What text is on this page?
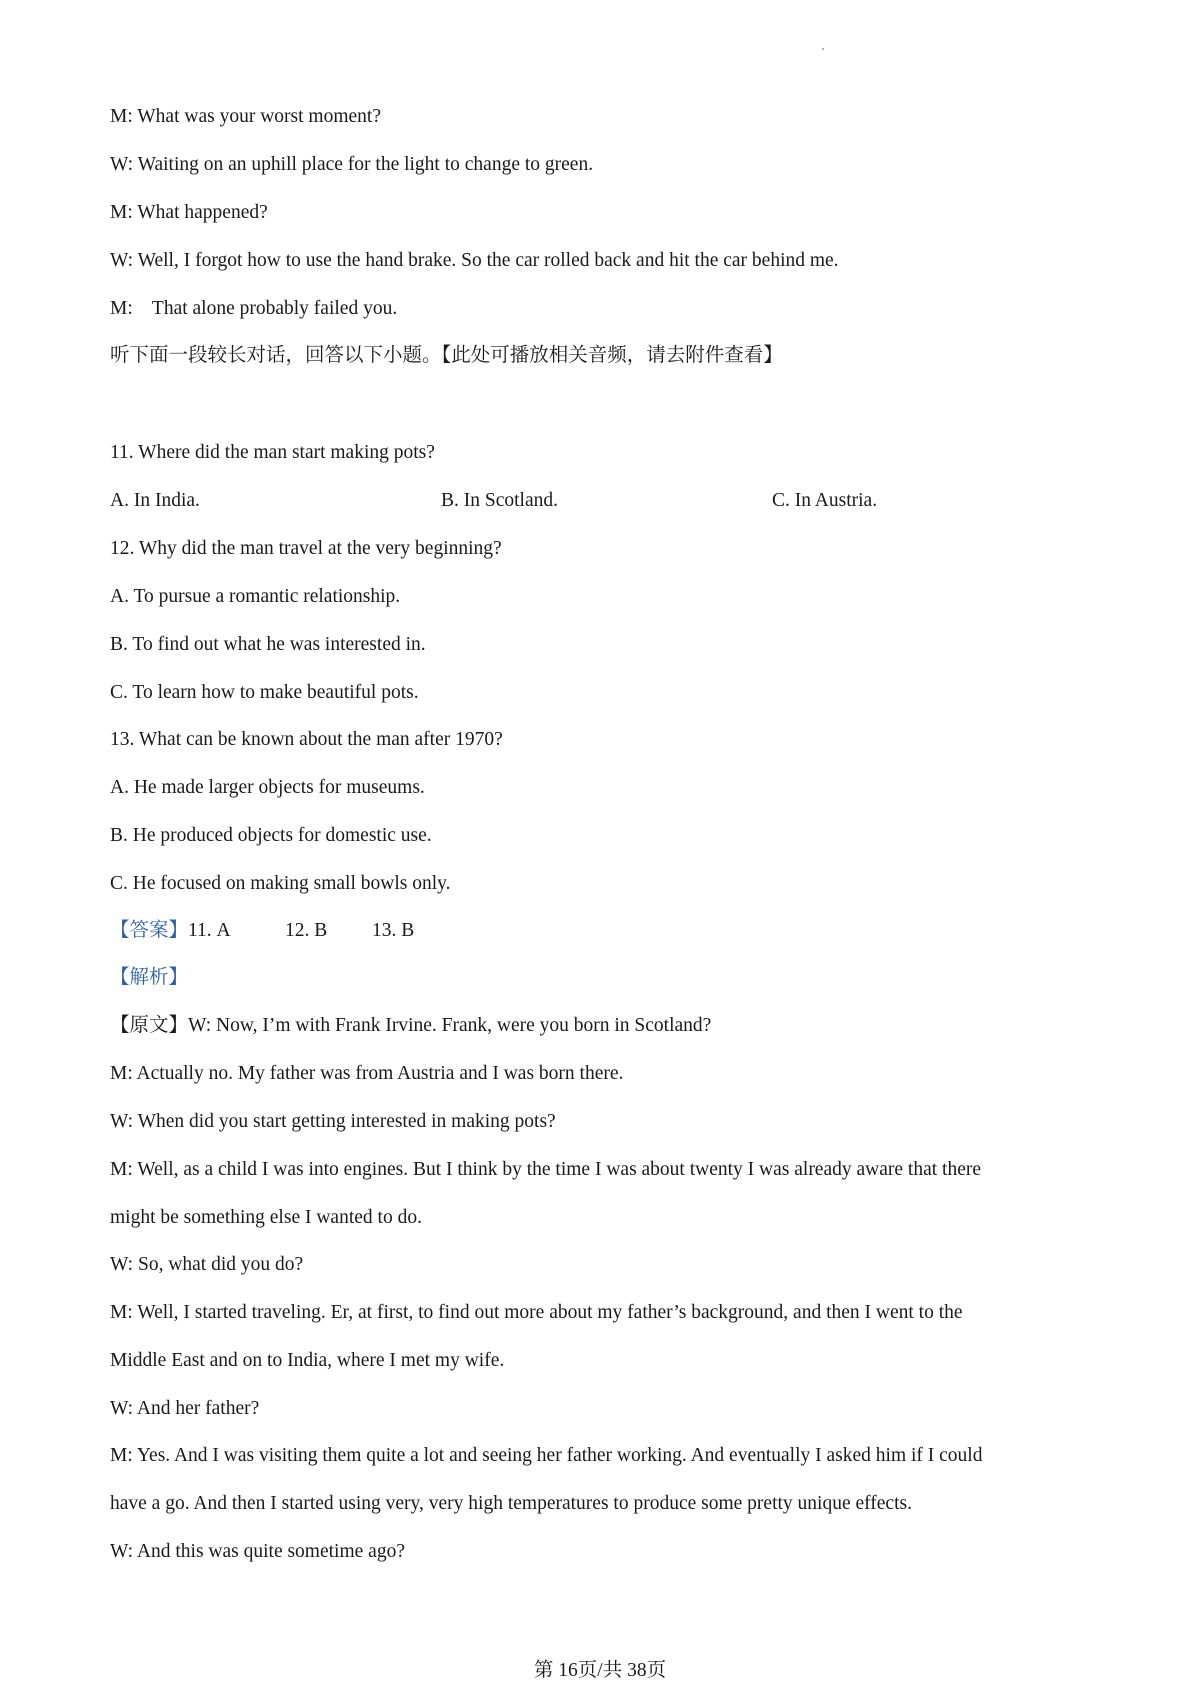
M: What was your worst moment?
W: Waiting on an uphill place for the light to change to green.
M: What happened?
W: Well, I forgot how to use the hand brake. So the car rolled back and hit the car behind me.
M:    That alone probably failed you.
听下面一段较长对话，回答以下小题。【此处可播放相关音频，请去附件查看】
11. Where did the man start making pots?
A. In India.	B. In Scotland.	C. In Austria.
12. Why did the man travel at the very beginning?
A. To pursue a romantic relationship.
B. To find out what he was interested in.
C. To learn how to make beautiful pots.
13. What can be known about the man after 1970?
A. He made larger objects for museums.
B. He produced objects for domestic use.
C. He focused on making small bowls only.
【答案】11. A	12. B 13. B
【解析】
【原文】W: Now, I’m with Frank Irvine. Frank, were you born in Scotland?
M: Actually no. My father was from Austria and I was born there.
W: When did you start getting interested in making pots?
M: Well, as a child I was into engines. But I think by the time I was about twenty I was already aware that there
might be something else I wanted to do.
W: So, what did you do?
M: Well, I started traveling. Er, at first, to find out more about my father’s background, and then I went to the
Middle East and on to India, where I met my wife.
W: And her father?
M: Yes. And I was visiting them quite a lot and seeing her father working. And eventually I asked him if I could
have a go. And then I started using very, very high temperatures to produce some pretty unique effects.
W: And this was quite sometime ago?
第 16页/共 38页
